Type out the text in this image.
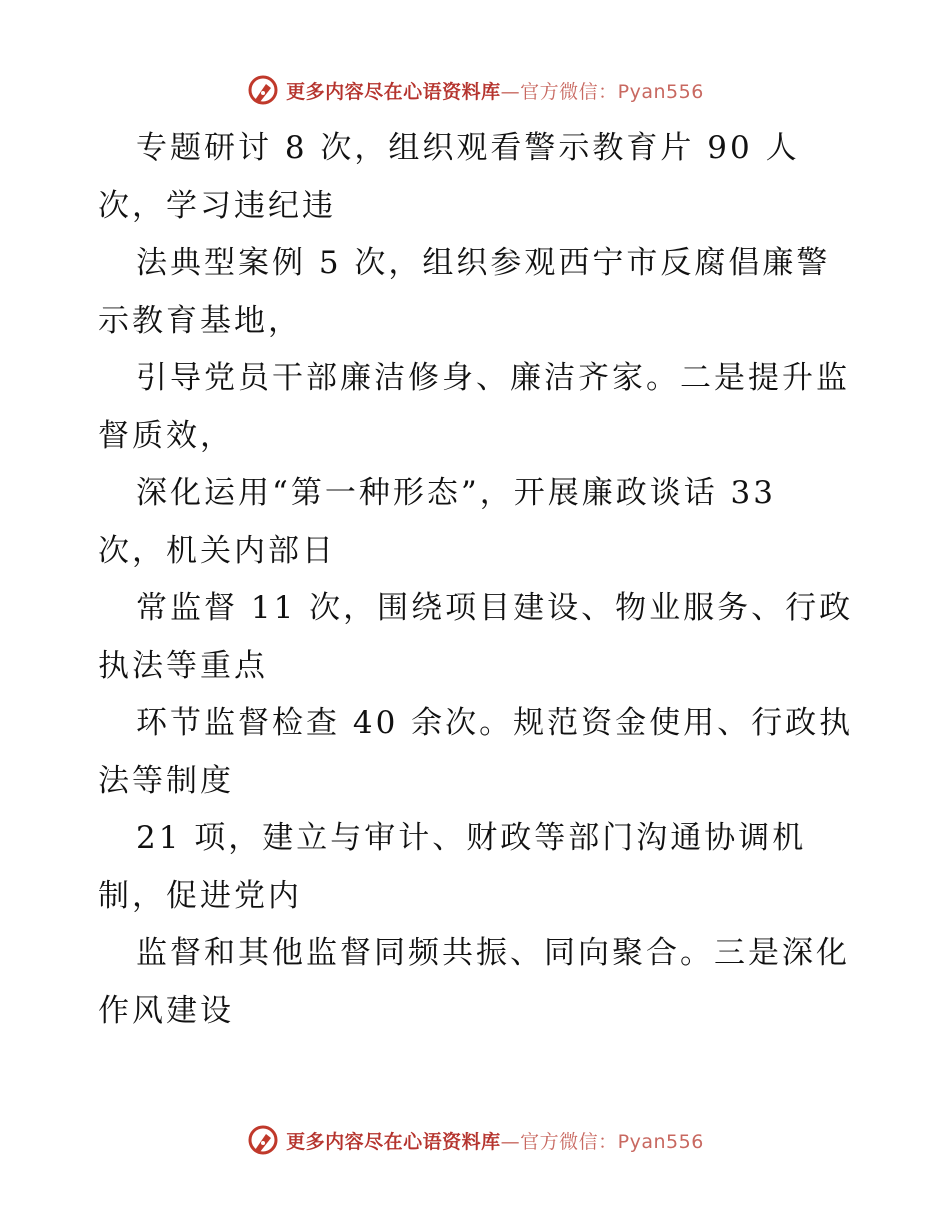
更多内容尽在心语资料库—官方微信：Pyan556
专题研讨 8 次，组织观看警示教育片 90 人
次，学习违纪违
法典型案例 5 次，组织参观西宁市反腐倡廉警
示教育基地，
引导党员干部廉洁修身、廉洁齐家。二是提升监
督质效，
深化运用“第一种形态”，开展廉政谈话 33
次，机关内部日
常监督 11 次，围绕项目建设、物业服务、行政
执法等重点
环节监督检查 40 余次。规范资金使用、行政执
法等制度
21 项，建立与审计、财政等部门沟通协调机
制，促进党内
监督和其他监督同频共振、同向聚合。三是深化
作风建设
更多内容尽在心语资料库—官方微信：Pyan556
